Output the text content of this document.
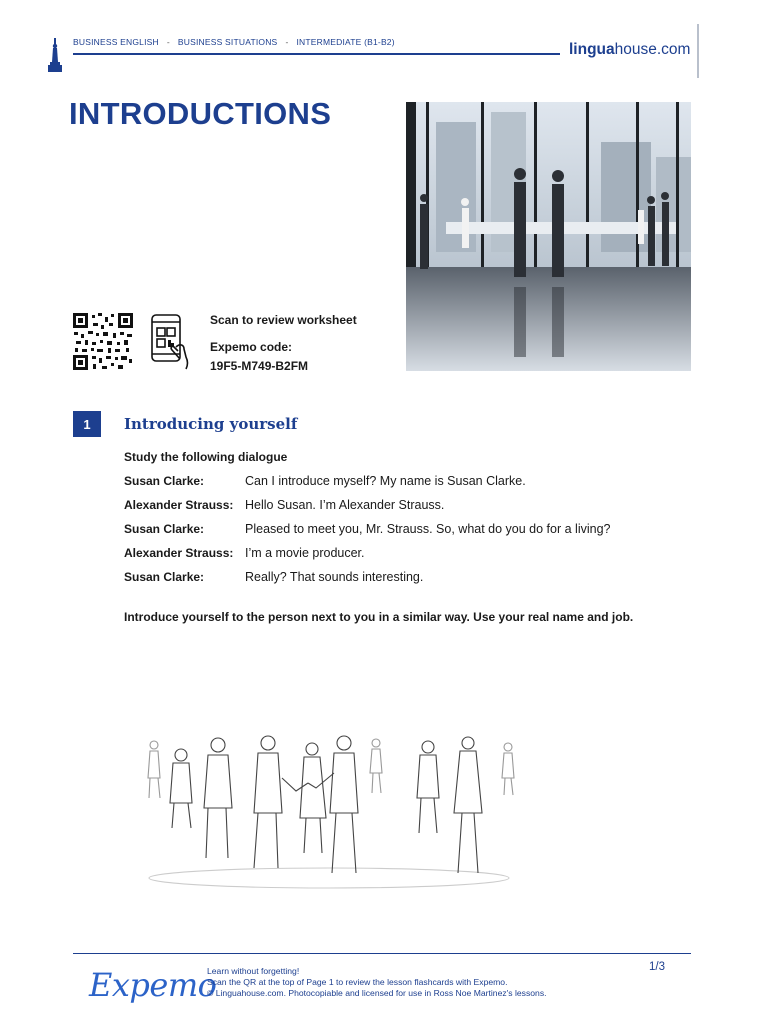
BUSINESS ENGLISH - BUSINESS SITUATIONS - INTERMEDIATE (B1-B2)	linguahouse.com
INTRODUCTIONS
Scan to review worksheet
Expemo code:
19F5-M749-B2FM
1	Introducing yourself
Study the following dialogue
Susan Clarke:	Can I introduce myself? My name is Susan Clarke.
Alexander Strauss: Hello Susan. I’m Alexander Strauss.
Susan Clarke:	Pleased to meet you, Mr. Strauss. So, what do you do for a living?
Alexander Strauss: I’m a movie producer.
Susan Clarke:	Really? That sounds interesting.
Introduce yourself to the person next to you in a similar way. Use your real name and job.
Expemo
Learn without forgetting!
Scan the QR at the top of Page 1 to review the lesson flashcards with Expemo.
© Linguahouse.com. Photocopiable and licensed for use in Ross Noe Martinez's lessons.
1/3
